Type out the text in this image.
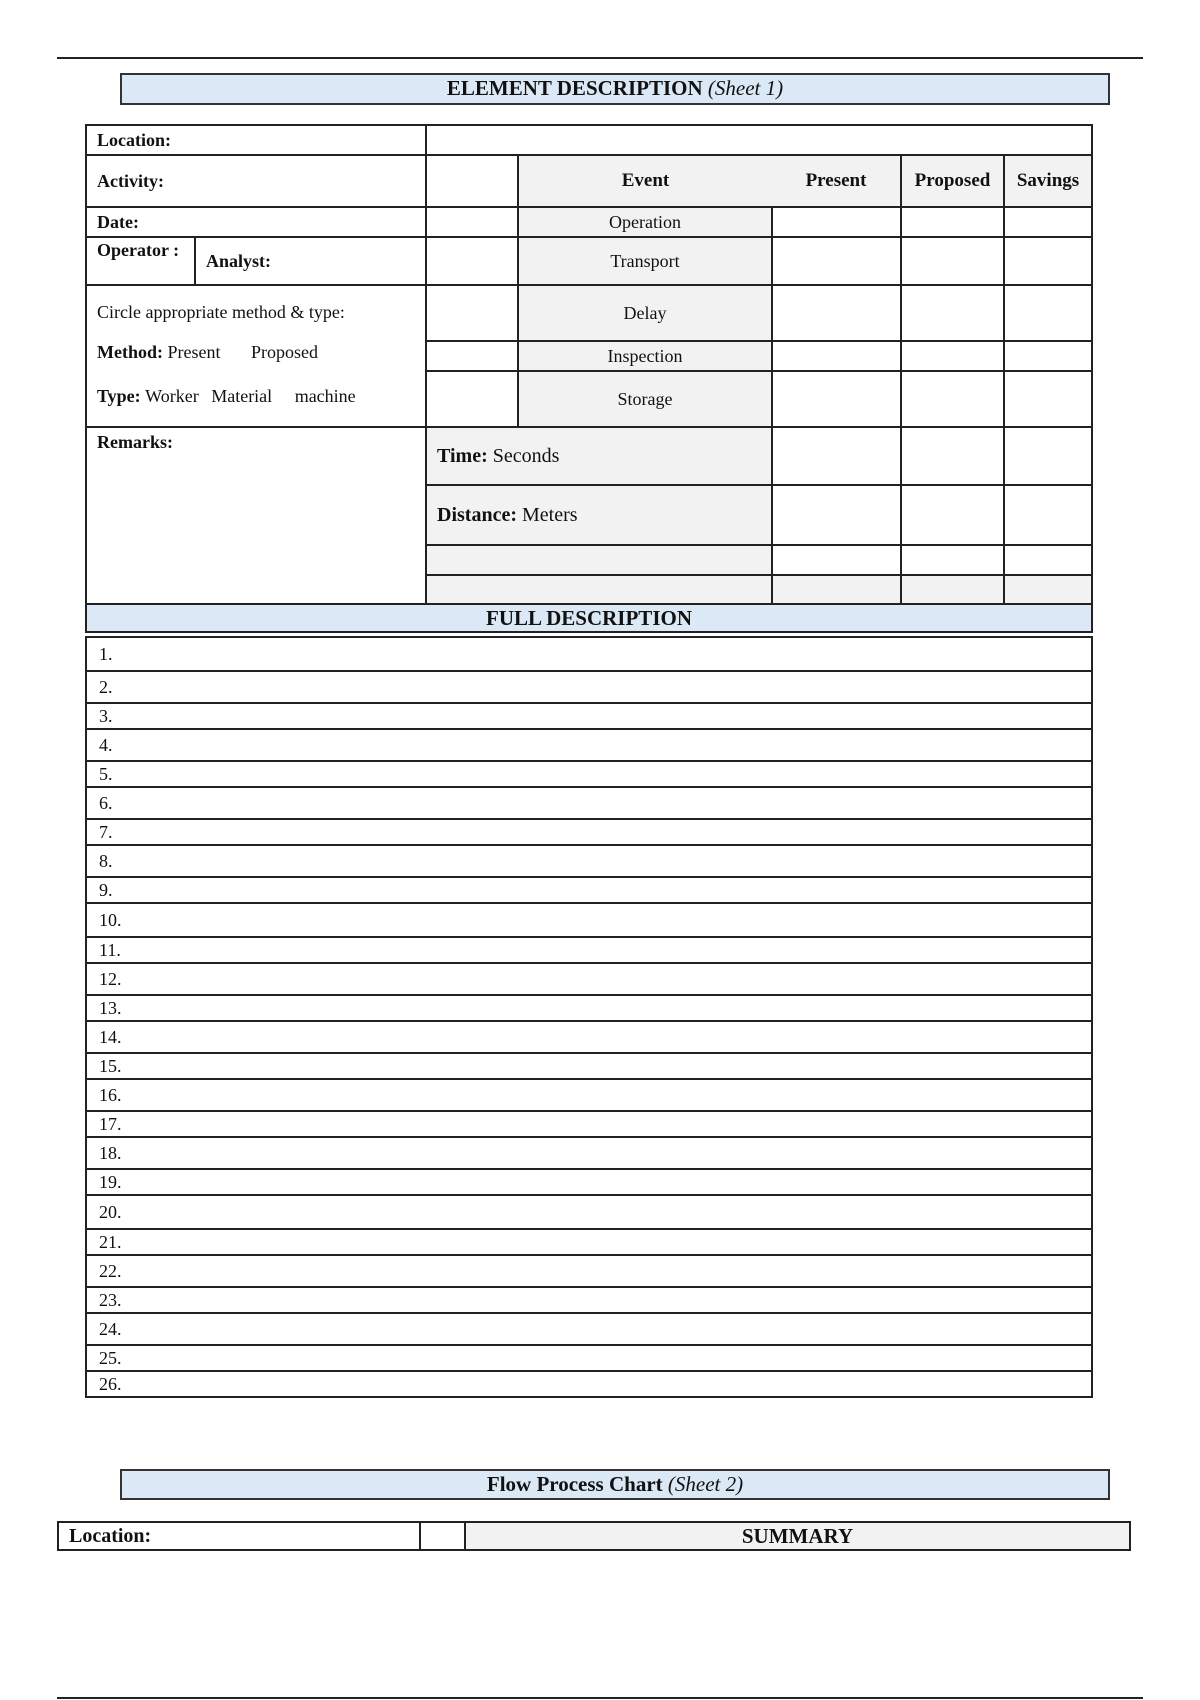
ELEMENT DESCRIPTION (Sheet 1)
Location:						
Activity:			Event	Present	Proposed	Savings
Date:			Operation			
Operator :	Analyst:		Transport			

Circle appropriate method & type:
Method: Present Proposed
Type: Worker Material machine			Delay			
			Inspection			
			Storage			
Remarks:		Time: Seconds				
		Distance: Meters				

FULL DESCRIPTION						
1.
2.
3.
4.
5.
6.
7.
8.
9.
10.
11.
12.
13.
14.
15.
16.
17.
18.
19.
20.
21.
22.
23.
24.
25.
26.
Flow Process Chart (Sheet 2)
Location:		SUMMARY
